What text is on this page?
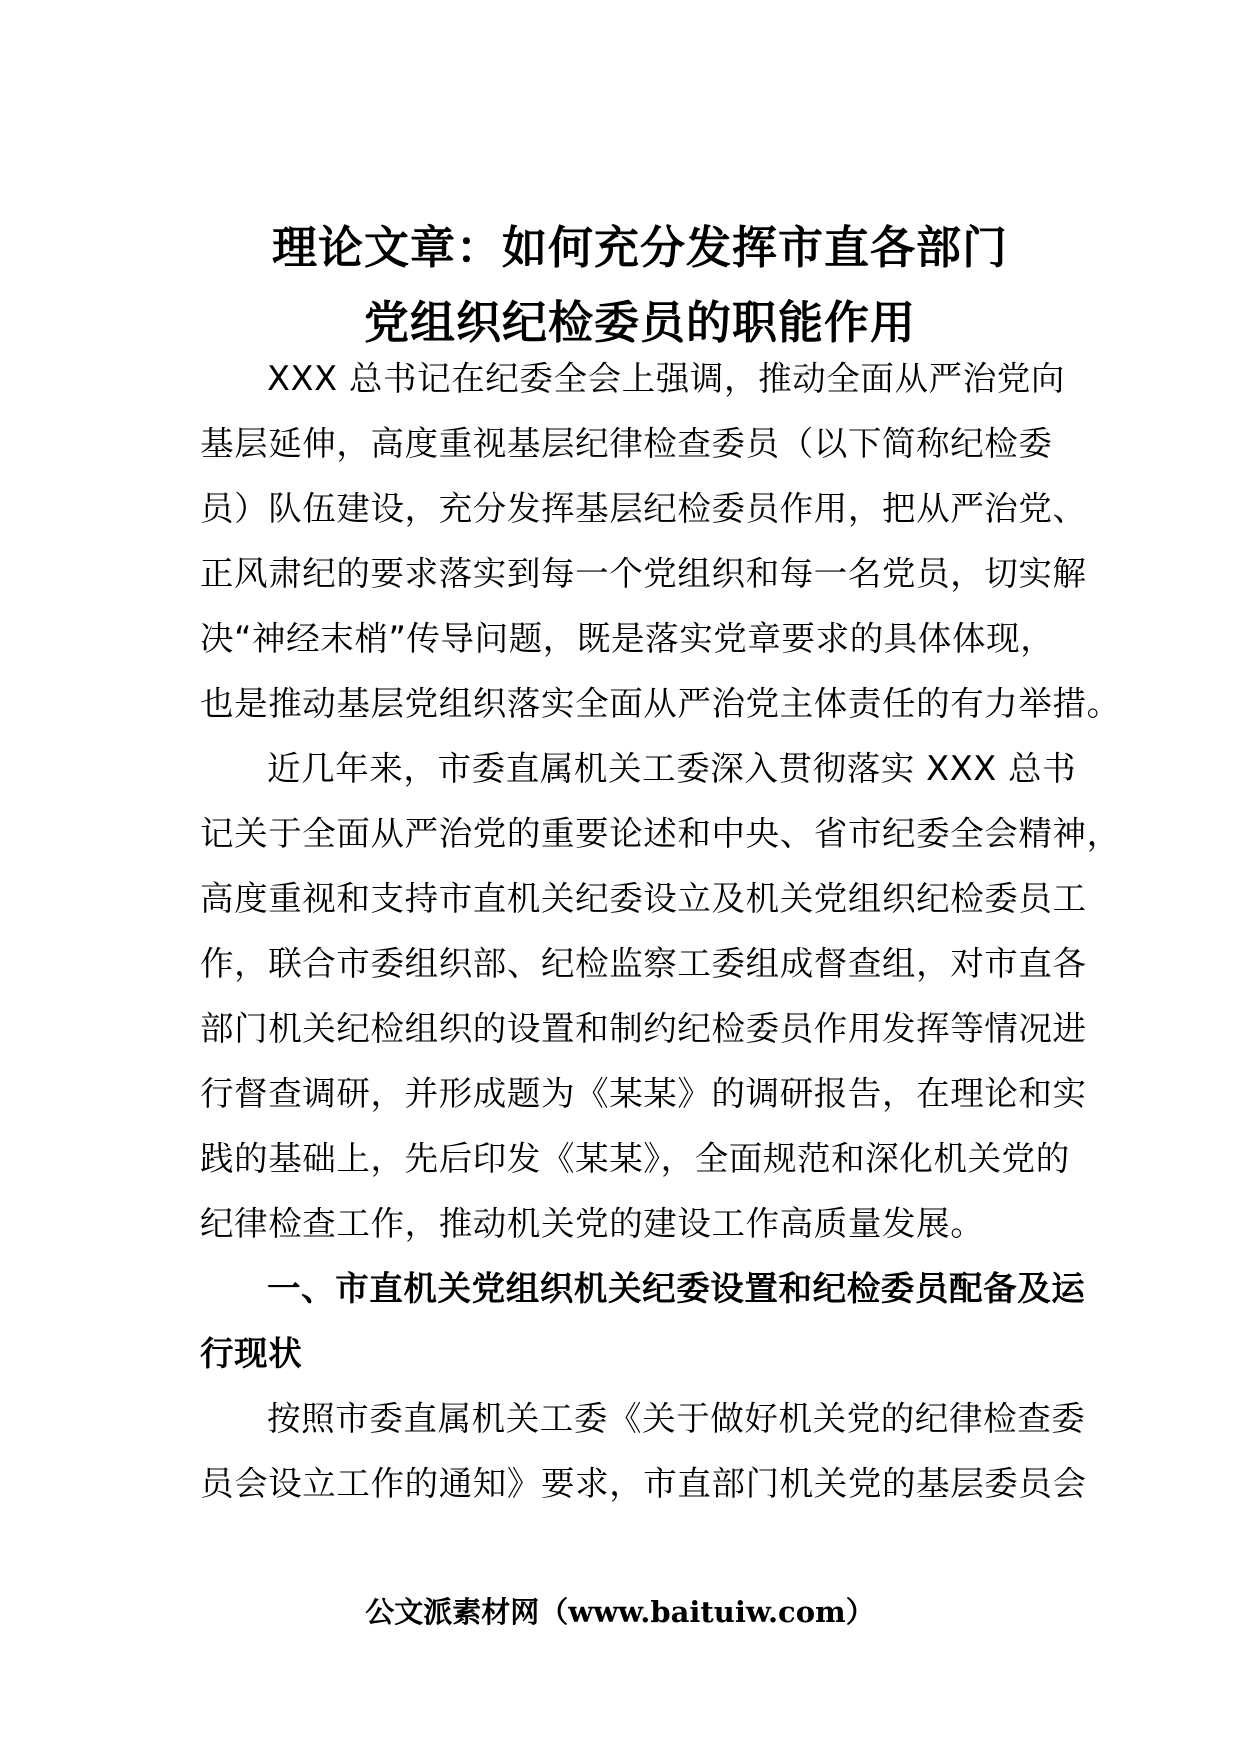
理论文章：如何充分发挥市直各部门
党组织纪检委员的职能作用

XXX 总书记在纪委全会上强调，推动全面从严治党向
基层延伸，高度重视基层纪律检查委员（以下简称纪检委
员）队伍建设，充分发挥基层纪检委员作用，把从严治党、
正风肃纪的要求落实到每一个党组织和每一名党员，切实解
决“神经末梢”传导问题，既是落实党章要求的具体体现，
也是推动基层党组织落实全面从严治党主体责任的有力举措。

近几年来，市委直属机关工委深入贯彻落实 XXX 总书
记关于全面从严治党的重要论述和中央、省市纪委全会精神，
高度重视和支持市直机关纪委设立及机关党组织纪检委员工
作，联合市委组织部、纪检监察工委组成督查组，对市直各
部门机关纪检组织的设置和制约纪检委员作用发挥等情况进
行督查调研，并形成题为《某某》的调研报告，在理论和实
践的基础上，先后印发《某某》，全面规范和深化机关党的
纪律检查工作，推动机关党的建设工作高质量发展。

一、市直机关党组织机关纪委设置和纪检委员配备及运
行现状

按照市委直属机关工委《关于做好机关党的纪律检查委
员会设立工作的通知》要求，市直部门机关党的基层委员会

公文派素材网（www.baituiw.com）
